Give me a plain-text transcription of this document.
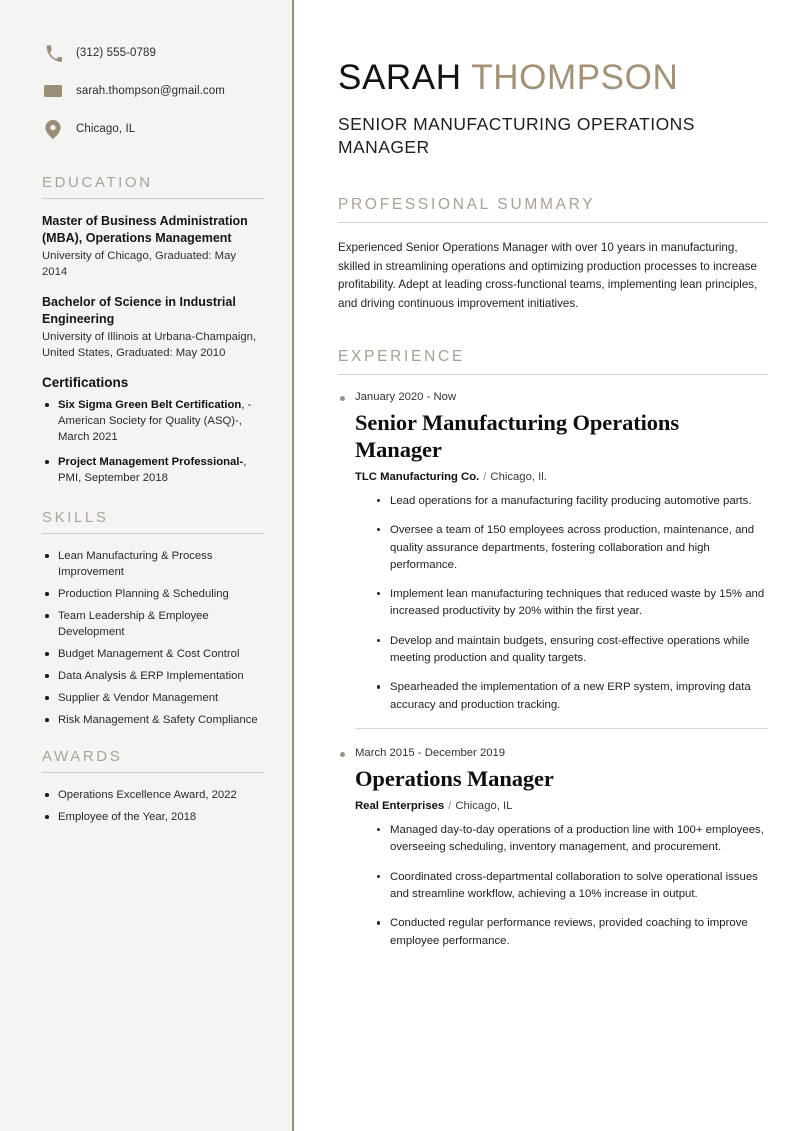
(312) 555-0789
sarah.thompson@gmail.com
Chicago, IL
EDUCATION
Master of Business Administration (MBA), Operations Management
University of Chicago, Graduated: May 2014
Bachelor of Science in Industrial Engineering
University of Illinois at Urbana-Champaign, United States, Graduated: May 2010
Certifications
Six Sigma Green Belt Certification, - American Society for Quality (ASQ)-, March 2021
Project Management Professional-, PMI, September 2018
SKILLS
Lean Manufacturing & Process Improvement
Production Planning & Scheduling
Team Leadership & Employee Development
Budget Management & Cost Control
Data Analysis & ERP Implementation
Supplier & Vendor Management
Risk Management & Safety Compliance
AWARDS
Operations Excellence Award, 2022
Employee of the Year, 2018
SARAH THOMPSON
SENIOR MANUFACTURING OPERATIONS MANAGER
PROFESSIONAL SUMMARY

Experienced Senior Operations Manager with over 10 years in manufacturing, skilled in streamlining operations and optimizing production processes to increase profitability. Adept at leading cross-functional teams, implementing lean principles, and driving continuous improvement initiatives.

EXPERIENCE
January 2020 - Now
Senior Manufacturing Operations Manager
TLC Manufacturing Co. / Chicago, Il.
Lead operations for a manufacturing facility producing automotive parts.
Oversee a team of 150 employees across production, maintenance, and quality assurance departments, fostering collaboration and high performance.
Implement lean manufacturing techniques that reduced waste by 15% and increased productivity by 20% within the first year.
Develop and maintain budgets, ensuring cost-effective operations while meeting production and quality targets.
Spearheaded the implementation of a new ERP system, improving data accuracy and production tracking.
March 2015 - December 2019
Operations Manager
Real Enterprises / Chicago, IL
Managed day-to-day operations of a production line with 100+ employees, overseeing scheduling, inventory management, and procurement.
Coordinated cross-departmental collaboration to solve operational issues and streamline workflow, achieving a 10% increase in output.
Conducted regular performance reviews, provided coaching to improve employee performance.
